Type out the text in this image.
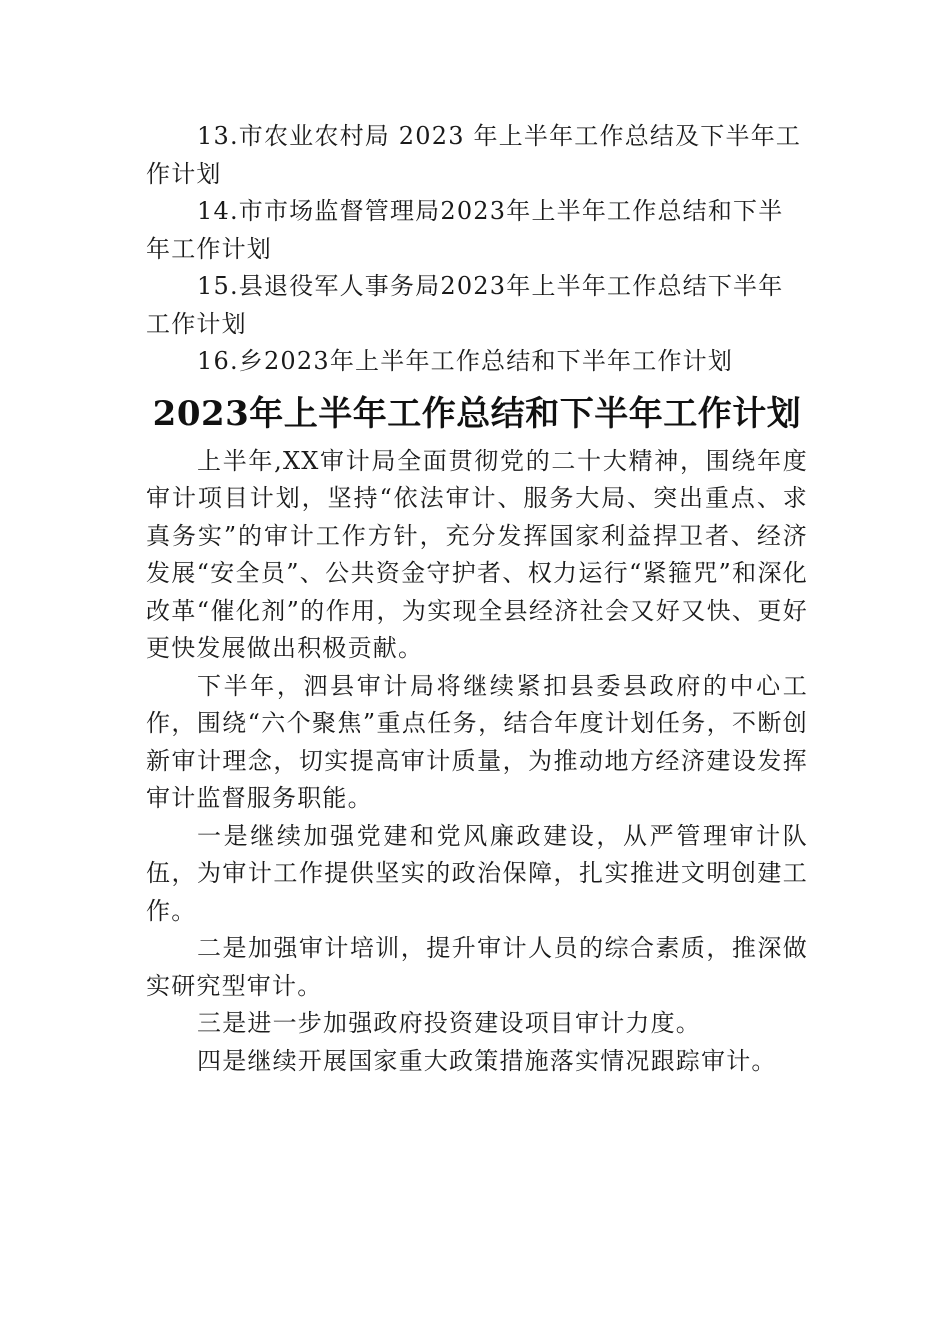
13.市农业农村局 2023 年上半年工作总结及下半年工作计划

14.市市场监督管理局2023年上半年工作总结和下半年工作计划

15.县退役军人事务局2023年上半年工作总结下半年工作计划

16.乡2023年上半年工作总结和下半年工作计划

2023年上半年工作总结和下半年工作计划

上半年,XX审计局全面贯彻党的二十大精神，围绕年度审计项目计划，坚持“依法审计、服务大局、突出重点、求真务实”的审计工作方针，充分发挥国家利益捍卫者、经济发展“安全员”、公共资金守护者、权力运行“紧箍咒”和深化改革“催化剂”的作用，为实现全县经济社会又好又快、更好更快发展做出积极贡献。

下半年，泗县审计局将继续紧扣县委县政府的中心工作，围绕“六个聚焦”重点任务，结合年度计划任务，不断创新审计理念，切实提高审计质量，为推动地方经济建设发挥审计监督服务职能。

一是继续加强党建和党风廉政建设，从严管理审计队伍，为审计工作提供坚实的政治保障，扎实推进文明创建工作。

二是加强审计培训，提升审计人员的综合素质，推深做实研究型审计。

三是进一步加强政府投资建设项目审计力度。

四是继续开展国家重大政策措施落实情况跟踪审计。
